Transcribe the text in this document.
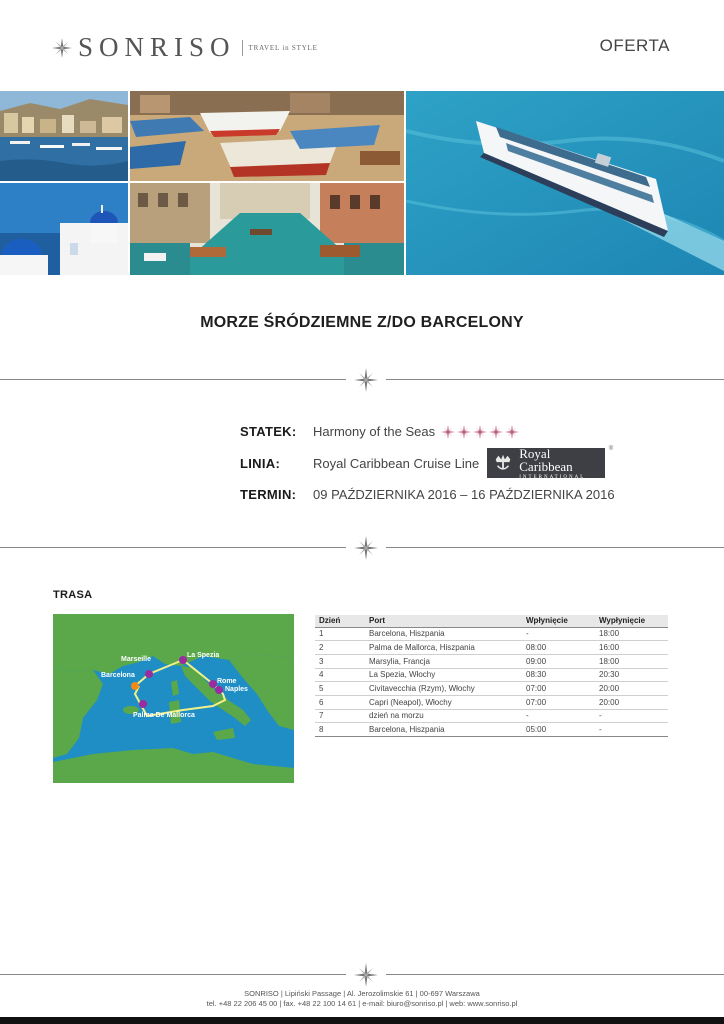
SONRISO TRAVEL in STYLE	OFERTA
MORZE ŚRÓDZIEMNE Z/DO BARCELONY
STATEK:	Harmony of the Seas
LINIA:	Royal Caribbean Cruise Line
Royal Caribbean
INTERNATIONAL
®
TERMIN:	09 PAŹDZIERNIKA 2016 – 16 PAŹDZIERNIKA 2016
TRASA
Marseille
Barcelona
La Spezia
Rome
Naples
Palma De Mallorca
Dzień	Port	Wpłynięcie	Wypłynięcie
1	Barcelona, Hiszpania	-	18:00
2	Palma de Mallorca, Hiszpania	08:00	16:00
3	Marsylia, Francja	09:00	18:00
4	La Spezia, Włochy	08:30	20:30
5	Civitavecchia (Rzym), Włochy	07:00	20:00
6	Capri (Neapol), Włochy	07:00	20:00
7	dzień na morzu	-	-
8	Barcelona, Hiszpania	05:00	-
SONRISO | Lipiński Passage | Al. Jerozolimskie 61 | 00-697 Warszawa
tel. +48 22 206 45 00 | fax. +48 22 100 14 61 | e-mail: biuro@sonriso.pl | web: www.sonriso.pl
